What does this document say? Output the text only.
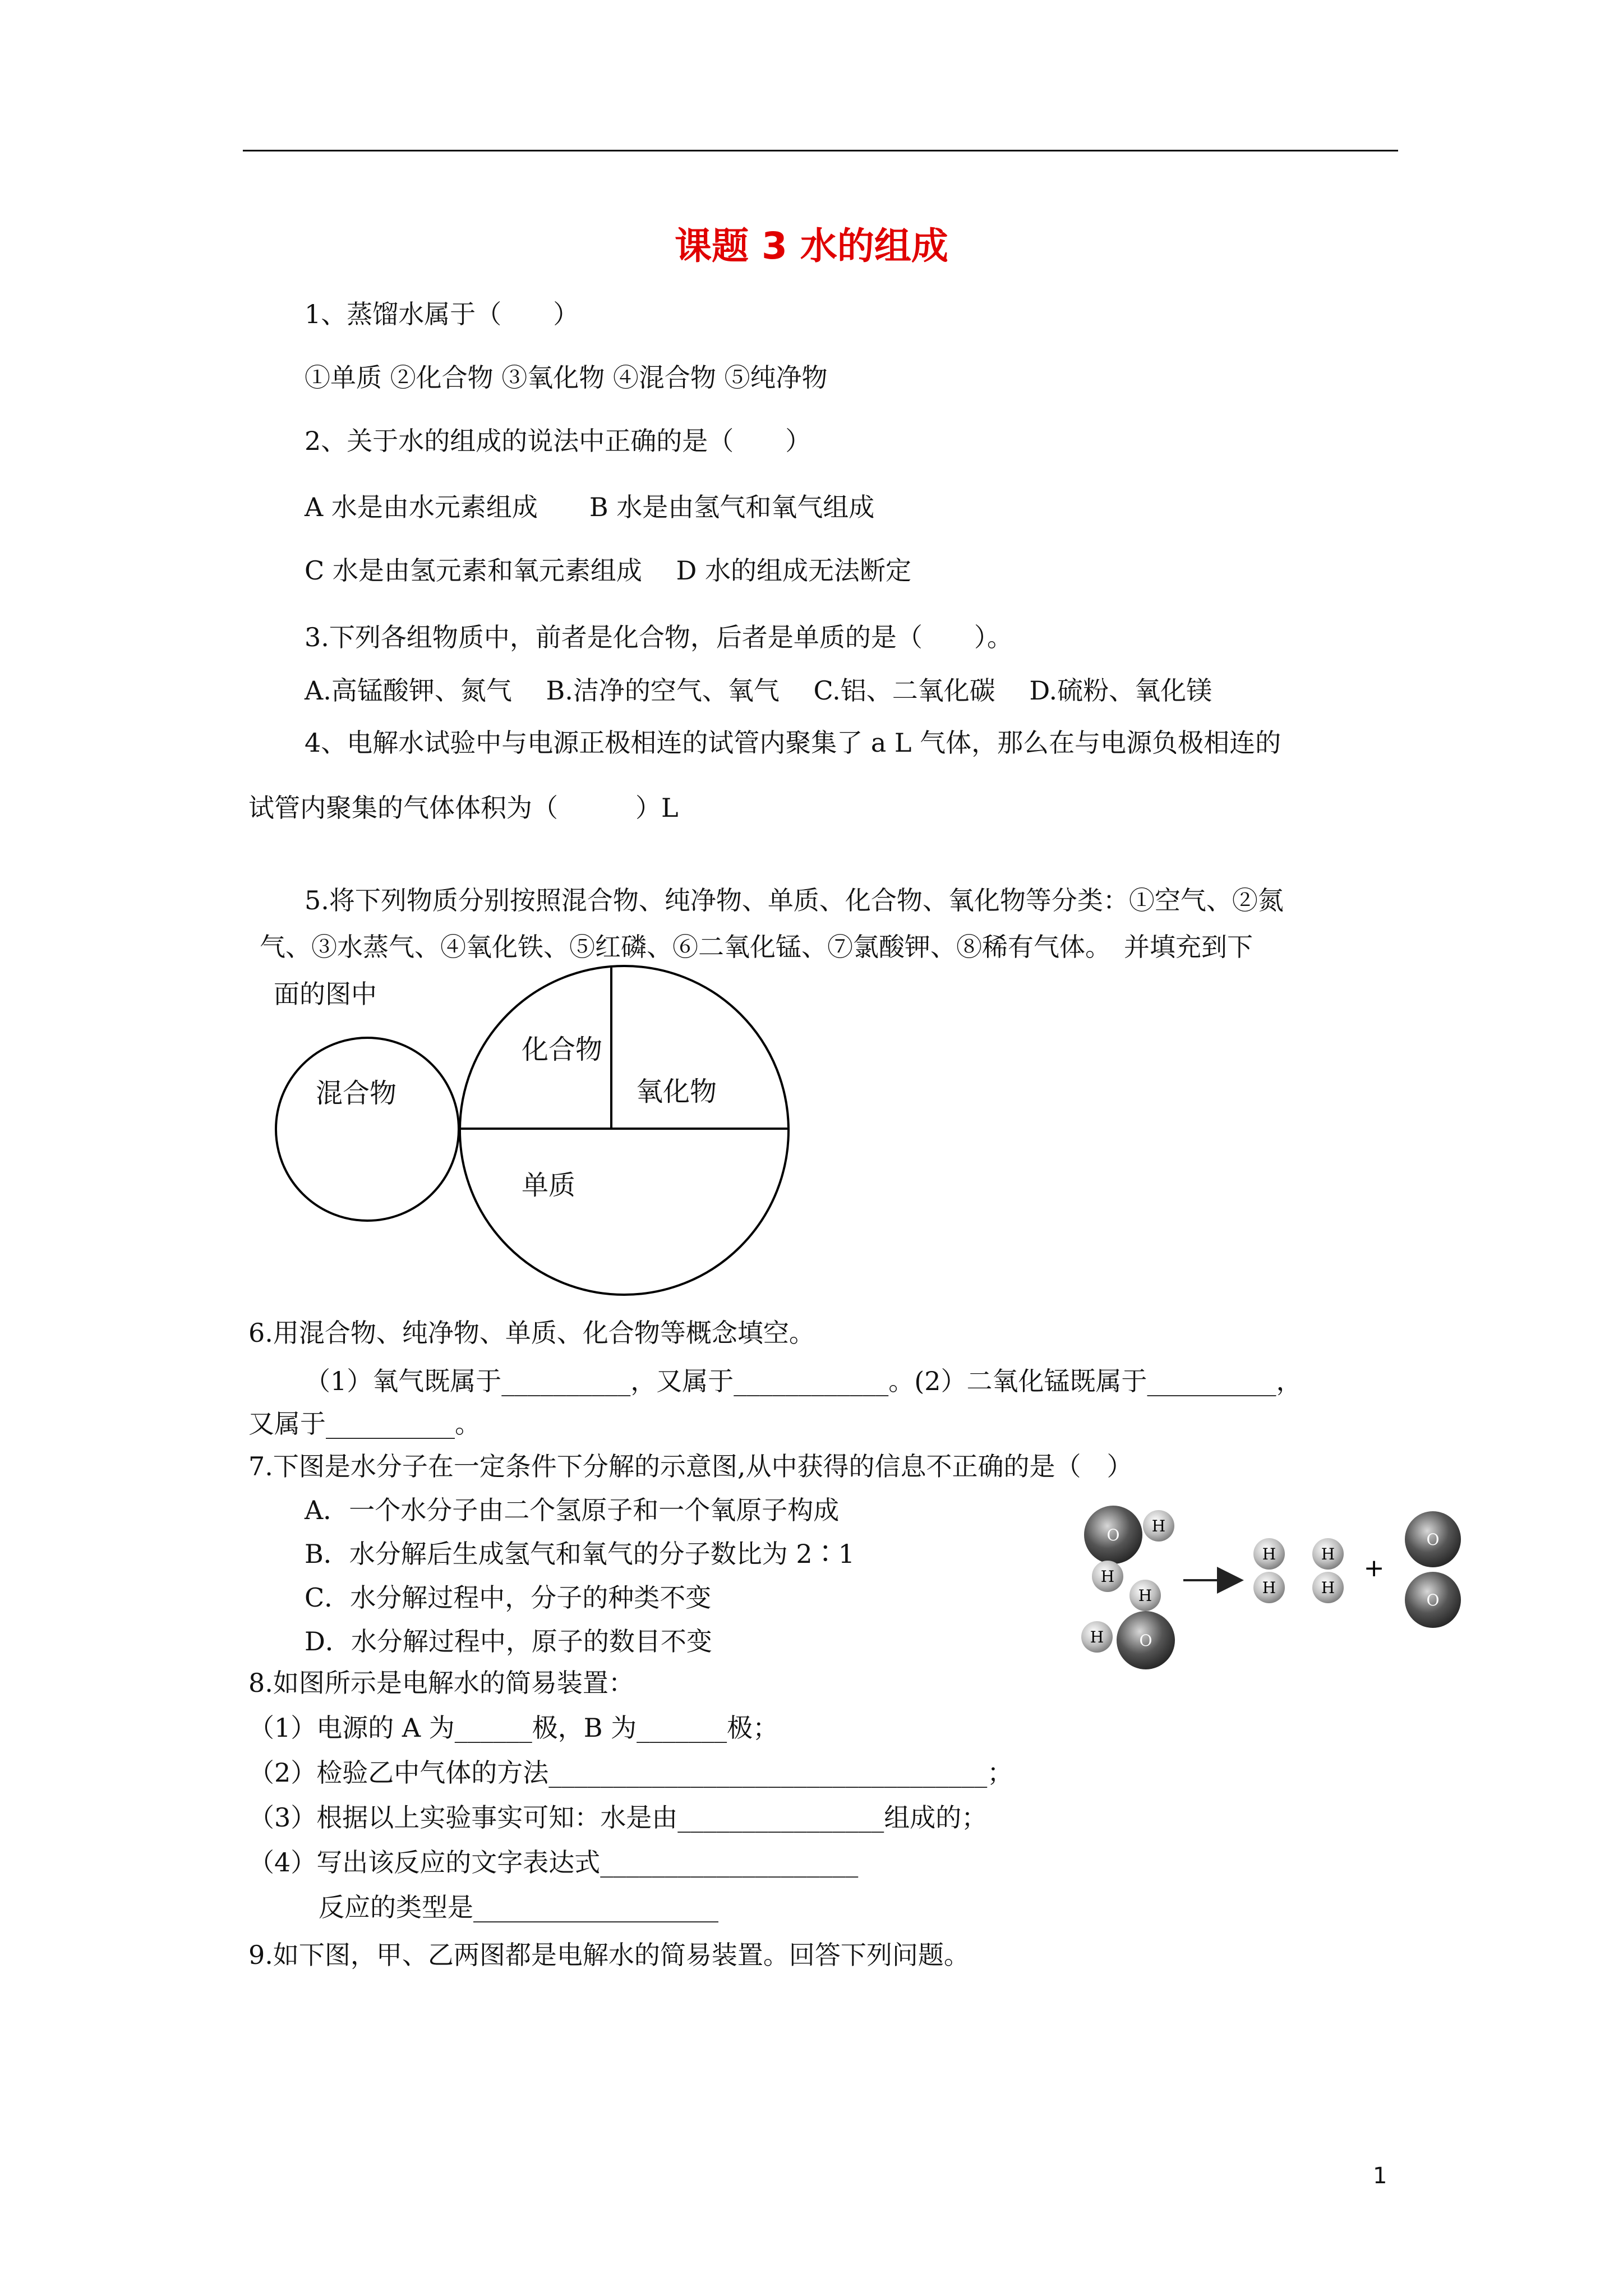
课题 3 水的组成
1、蒸馏水属于（　　）
①单质 ②化合物 ③氧化物 ④混合物 ⑤纯净物
2、关于水的组成的说法中正确的是（　　）
A 水是由水元素组成　　B 水是由氢气和氧气组成
C 水是由氢元素和氧元素组成　 D 水的组成无法断定
3.下列各组物质中，前者是化合物，后者是单质的是（　　）。
A.高锰酸钾、氮气　 B.洁净的空气、氧气　 C.铝、二氧化碳　 D.硫粉、氧化镁
4、电解水试验中与电源正极相连的试管内聚集了 a L 气体，那么在与电源负极相连的
试管内聚集的气体体积为（　　　）L
5.将下列物质分别按照混合物、纯净物、单质、化合物、氧化物等分类：①空气、②氮
气、③水蒸气、④氧化铁、⑤红磷、⑥二氧化锰、⑦氯酸钾、⑧稀有气体。　并填充到下
面的图中
混合物
化合物
氧化物
单质
6.用混合物、纯净物、单质、化合物等概念填空。
（1）氧气既属于__________，又属于____________。(2）二氧化锰既属于__________，
又属于__________。
7.下图是水分子在一定条件下分解的示意图,从中获得的信息不正确的是（　）
A．一个水分子由二个氢原子和一个氧原子构成
B．水分解后生成氢气和氧气的分子数比为 2∶1
C．水分解过程中，分子的种类不变
D．水分解过程中，原子的数目不变
O H
H
H
H O
H
H
H
H
+
O
O
8.如图所示是电解水的简易装置：
（1）电源的 A 为______极，B 为_______极；
（2）检验乙中气体的方法__________________________________；
（3）根据以上实验事实可知：水是由________________组成的；
（4）写出该反应的文字表达式____________________
反应的类型是___________________
9.如下图，甲、乙两图都是电解水的简易装置。回答下列问题。
1
